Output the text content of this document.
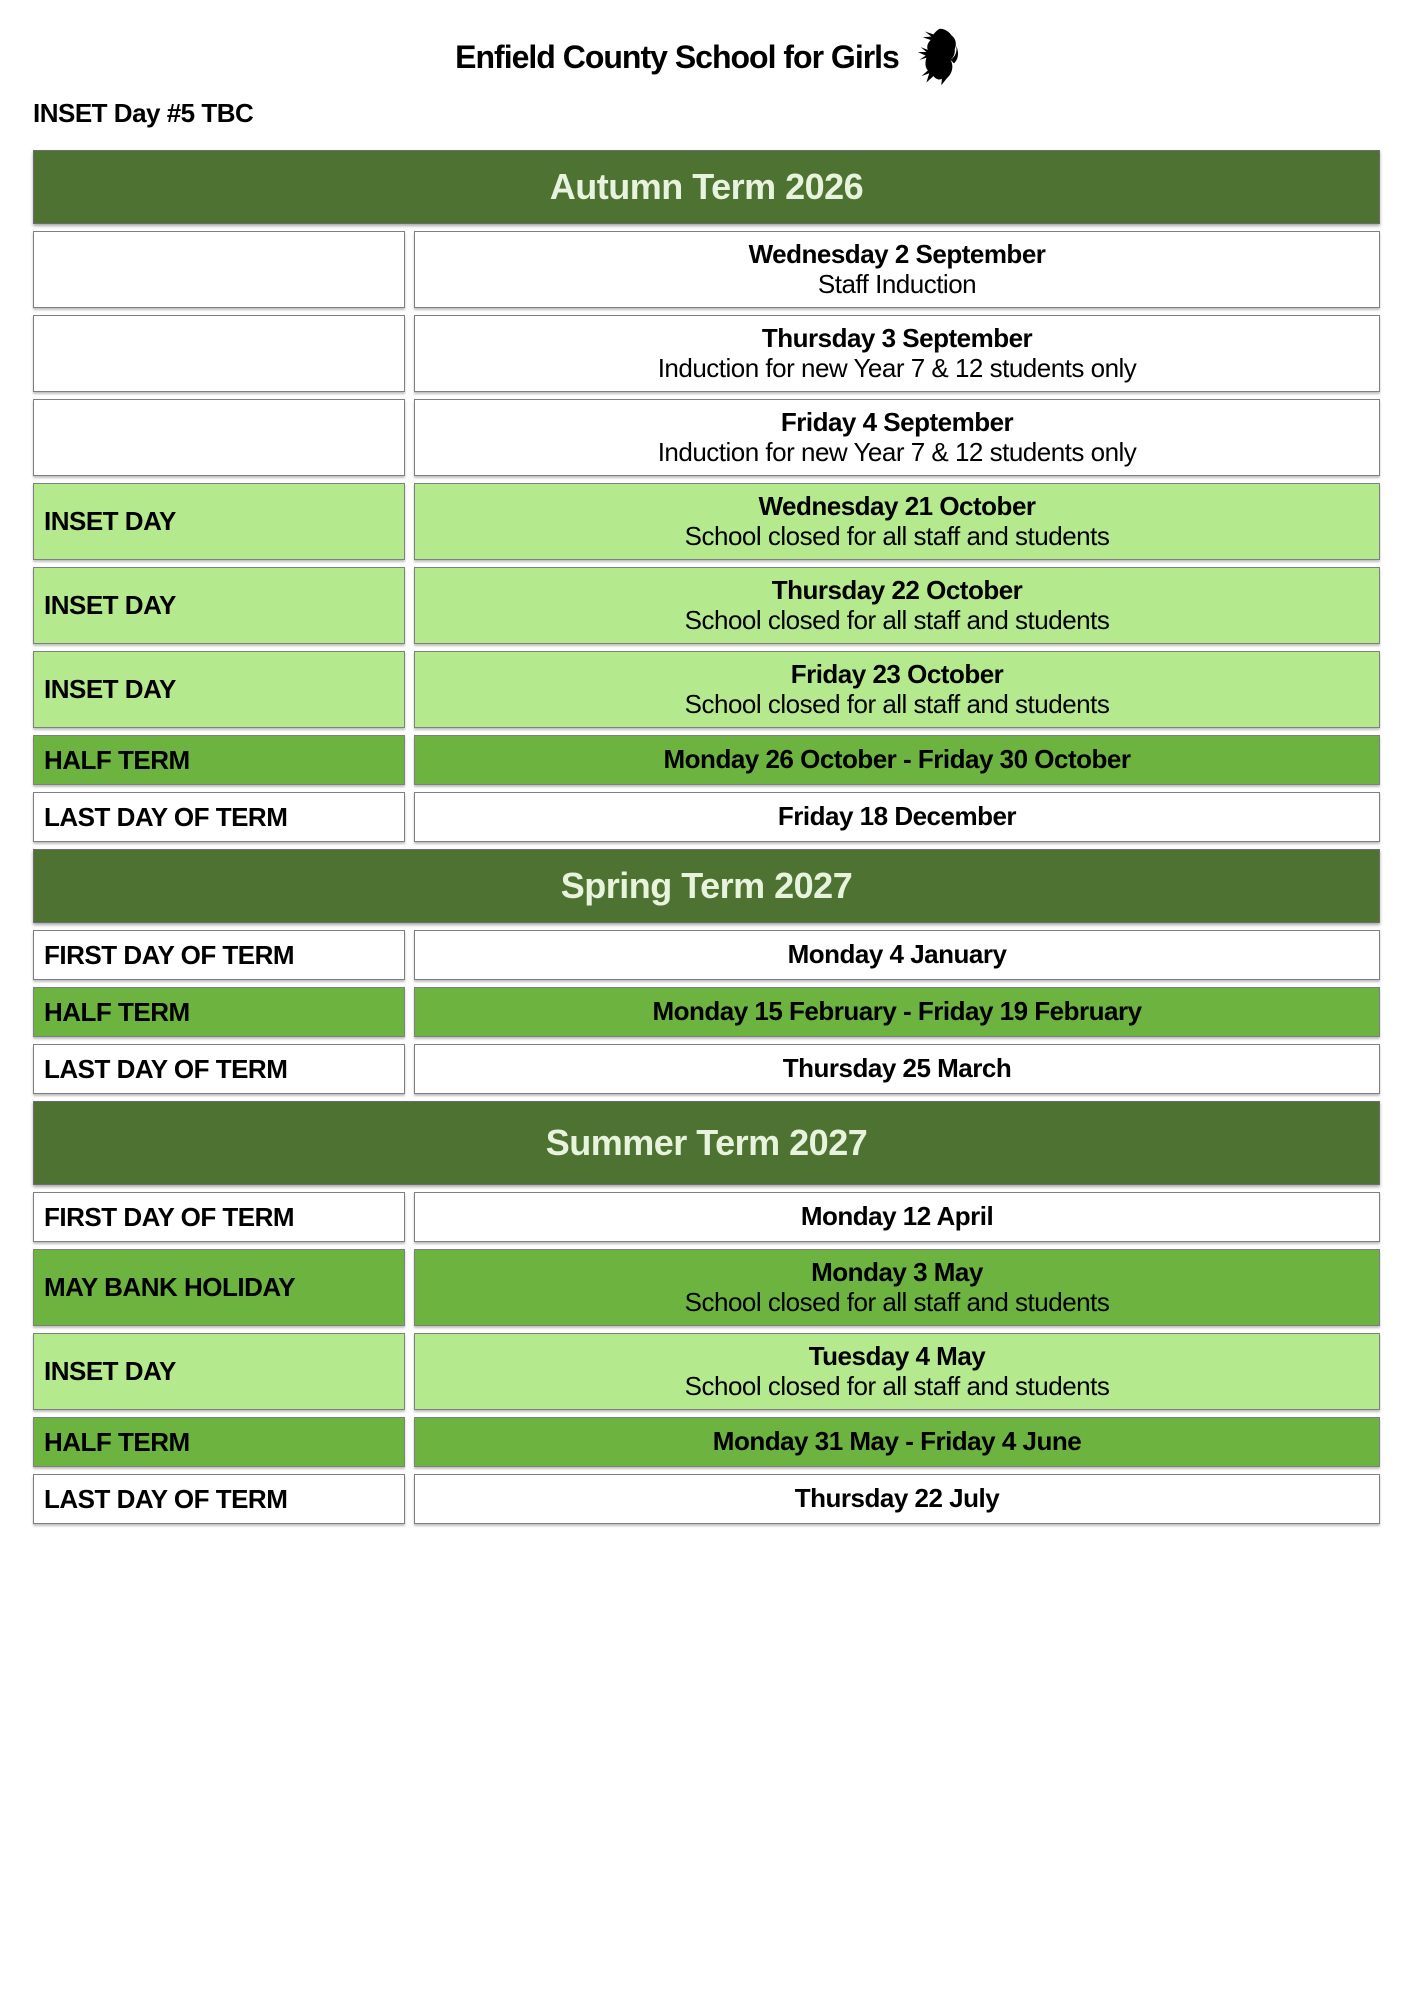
Enfield County School for Girls
INSET Day #5 TBC
Autumn Term 2026
Wednesday 2 September
Staff Induction
Thursday 3 September
Induction for new Year 7 & 12 students only
Friday 4 September
Induction for new Year 7 & 12 students only
INSET DAY	Wednesday 21 October
School closed for all staff and students
INSET DAY	Thursday 22 October
School closed for all staff and students
INSET DAY	Friday 23 October
School closed for all staff and students
HALF TERM	Monday 26 October - Friday 30 October
LAST DAY OF TERM	Friday 18 December
Spring Term 2027
FIRST DAY OF TERM	Monday 4 January
HALF TERM	Monday 15 February - Friday 19 February
LAST DAY OF TERM	Thursday 25 March
Summer Term 2027
FIRST DAY OF TERM	Monday 12 April
MAY BANK HOLIDAY	Monday 3 May
School closed for all staff and students
INSET DAY	Tuesday 4 May
School closed for all staff and students
HALF TERM	Monday 31 May - Friday 4 June
LAST DAY OF TERM	Thursday 22 July
